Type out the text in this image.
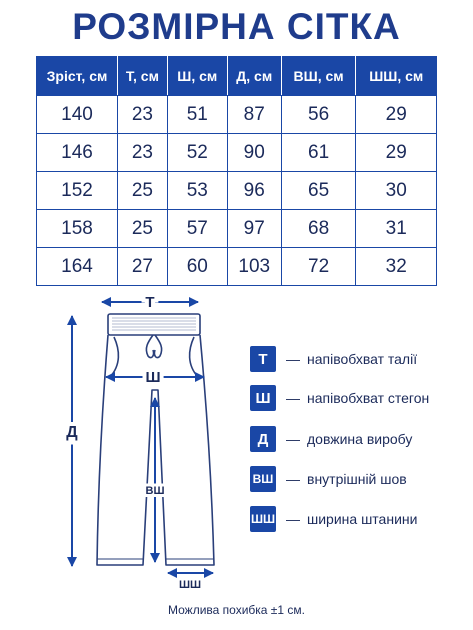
РОЗМІРНА СІТКА
Зріст, см	Т, см	Ш, см	Д, см	ВШ, см	ШШ, см
140	23	51	87	56	29
146	23	52	90	61	29
152	25	53	96	65	30
158	25	57	97	68	31
164	27	60	103	72	32
Т
Ш
Д
ВШ
ШШ
Т	— напівобхват талії
Ш	— напівобхват стегон
Д	— довжина виробу
ВШ — внутрішній шов
ШШ — ширина штанини
Можлива похибка ±1 см.
